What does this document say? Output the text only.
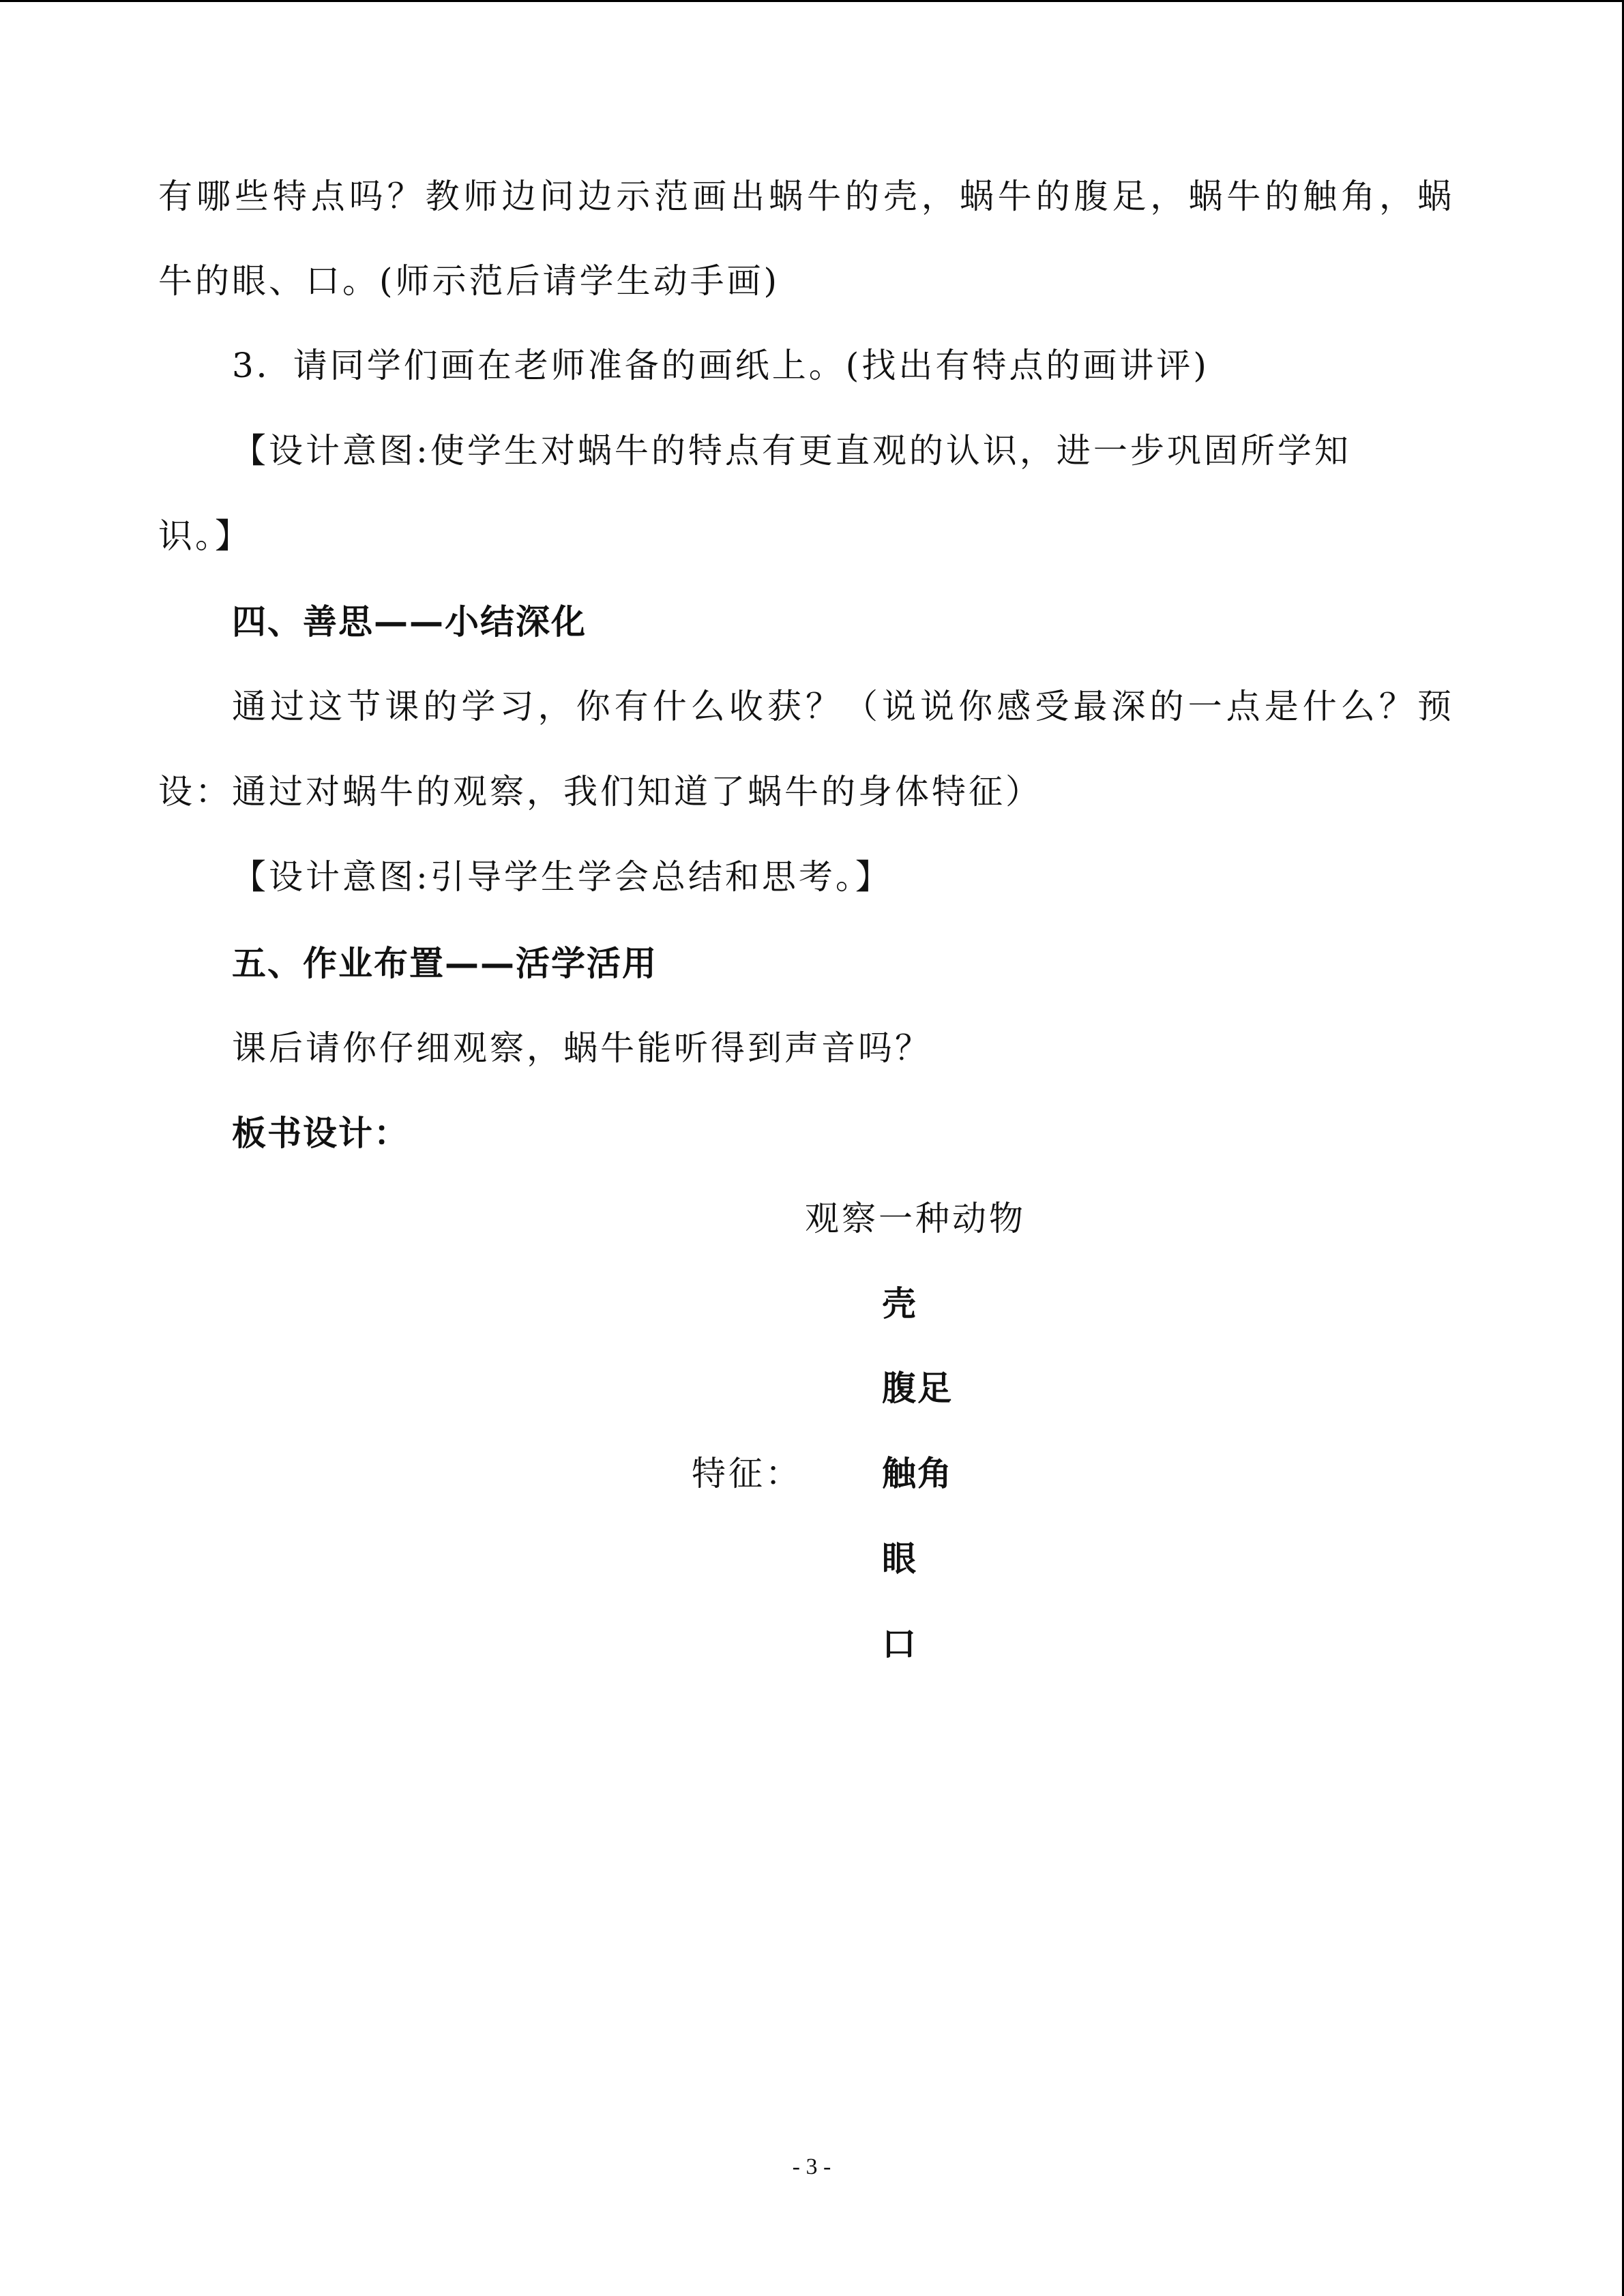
有哪些特点吗？教师边问边示范画出蜗牛的壳，蜗牛的腹足，蜗牛的触角，蜗
牛的眼、口。(师示范后请学生动手画)
3．请同学们画在老师准备的画纸上。(找出有特点的画讲评)
【设计意图:使学生对蜗牛的特点有更直观的认识，进一步巩固所学知
识。】
四、善思——小结深化
通过这节课的学习，你有什么收获？（说说你感受最深的一点是什么？预
设：通过对蜗牛的观察，我们知道了蜗牛的身体特征）
【设计意图:引导学生学会总结和思考。】
五、作业布置——活学活用
课后请你仔细观察，蜗牛能听得到声音吗？
板书设计：
观察一种动物
壳
腹足
特征： 触角
眼
口
- 3 -
